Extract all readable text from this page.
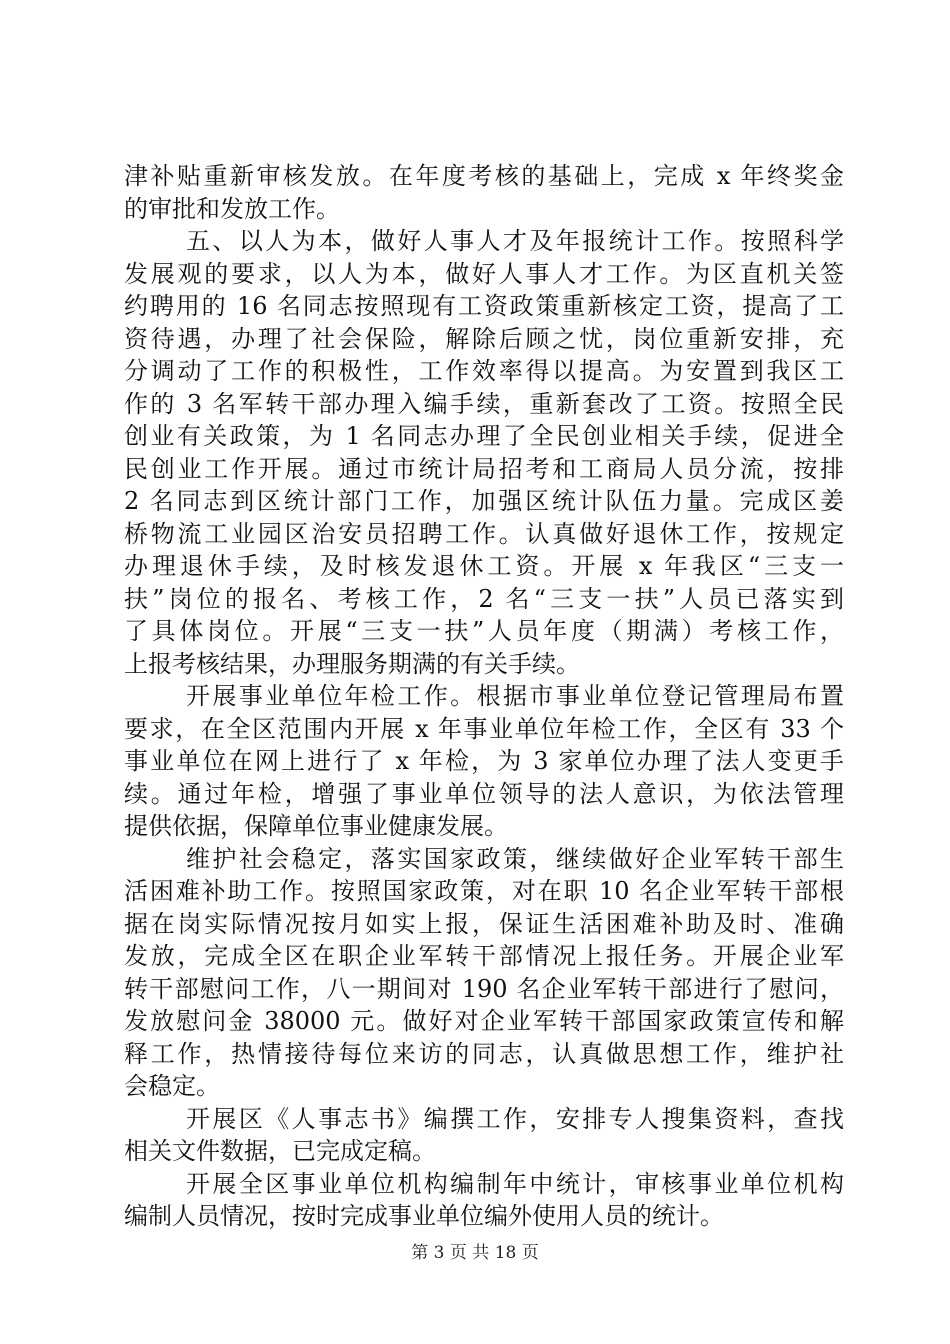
津补贴重新审核发放。在年度考核的基础上，完成 x 年终奖金
的审批和发放工作。
五、以人为本，做好人事人才及年报统计工作。按照科学
发展观的要求，以人为本，做好人事人才工作。为区直机关签
约聘用的 16 名同志按照现有工资政策重新核定工资，提高了工
资待遇，办理了社会保险，解除后顾之忧，岗位重新安排，充
分调动了工作的积极性，工作效率得以提高。为安置到我区工
作的 3 名军转干部办理入编手续，重新套改了工资。按照全民
创业有关政策，为 1 名同志办理了全民创业相关手续，促进全
民创业工作开展。通过市统计局招考和工商局人员分流，按排
2 名同志到区统计部门工作，加强区统计队伍力量。完成区姜
桥物流工业园区治安员招聘工作。认真做好退休工作，按规定
办理退休手续，及时核发退休工资。开展 x 年我区“三支一
扶”岗位的报名、考核工作，2 名“三支一扶”人员已落实到
了具体岗位。开展“三支一扶”人员年度（期满）考核工作，
上报考核结果，办理服务期满的有关手续。
开展事业单位年检工作。根据市事业单位登记管理局布置
要求，在全区范围内开展 x 年事业单位年检工作，全区有 33 个
事业单位在网上进行了 x 年检，为 3 家单位办理了法人变更手
续。通过年检，增强了事业单位领导的法人意识，为依法管理
提供依据，保障单位事业健康发展。
维护社会稳定，落实国家政策，继续做好企业军转干部生
活困难补助工作。按照国家政策，对在职 10 名企业军转干部根
据在岗实际情况按月如实上报，保证生活困难补助及时、准确
发放，完成全区在职企业军转干部情况上报任务。开展企业军
转干部慰问工作，八一期间对 190 名企业军转干部进行了慰问，
发放慰问金 38000 元。做好对企业军转干部国家政策宣传和解
释工作，热情接待每位来访的同志，认真做思想工作，维护社
会稳定。
开展区《人事志书》编撰工作，安排专人搜集资料，查找
相关文件数据，已完成定稿。
开展全区事业单位机构编制年中统计，审核事业单位机构
编制人员情况，按时完成事业单位编外使用人员的统计。
第 3 页 共 18 页
